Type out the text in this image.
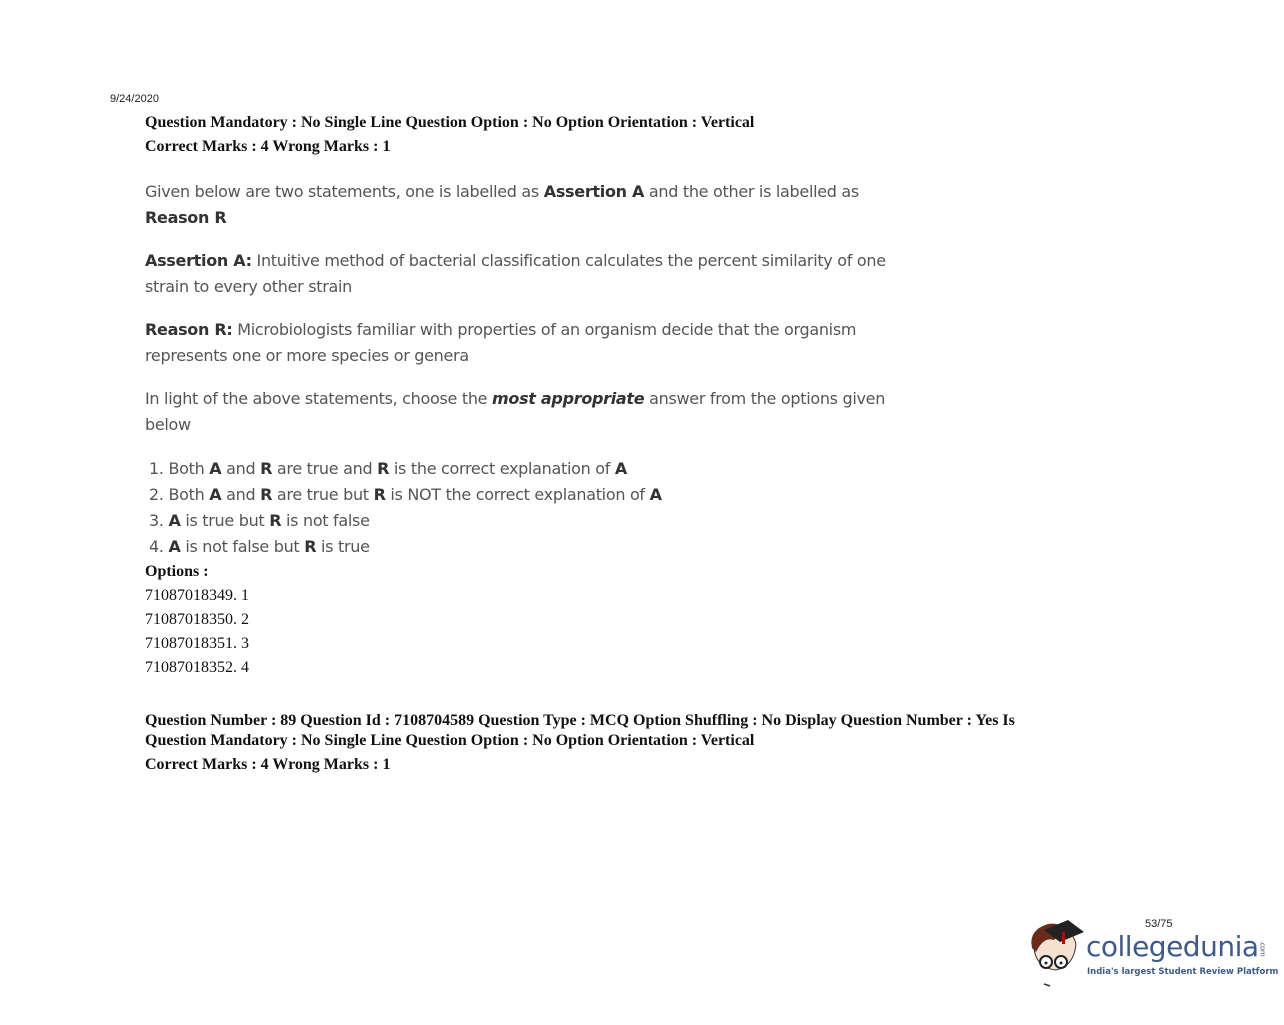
9/24/2020
Question Mandatory : No Single Line Question Option : No Option Orientation : Vertical
Correct Marks : 4 Wrong Marks : 1
Given below are two statements, one is labelled as Assertion A and the other is labelled as
Reason R
Assertion A: Intuitive method of bacterial classification calculates the percent similarity of one
strain to every other strain
Reason R: Microbiologists familiar with properties of an organism decide that the organism
represents one or more species or genera
In light of the above statements, choose the most appropriate answer from the options given
below
1. Both A and R are true and R is the correct explanation of A
2. Both A and R are true but R is NOT the correct explanation of A
3. A is true but R is not false
4. A is not false but R is true
Options :
71087018349. 1
71087018350. 2
71087018351. 3
71087018352. 4
Question Number : 89 Question Id : 7108704589 Question Type : MCQ Option Shuffling : No Display Question Number : Yes Is
Question Mandatory : No Single Line Question Option : No Option Orientation : Vertical
Correct Marks : 4 Wrong Marks : 1
53/75
collegedunia.com
India's largest Student Review Platform
